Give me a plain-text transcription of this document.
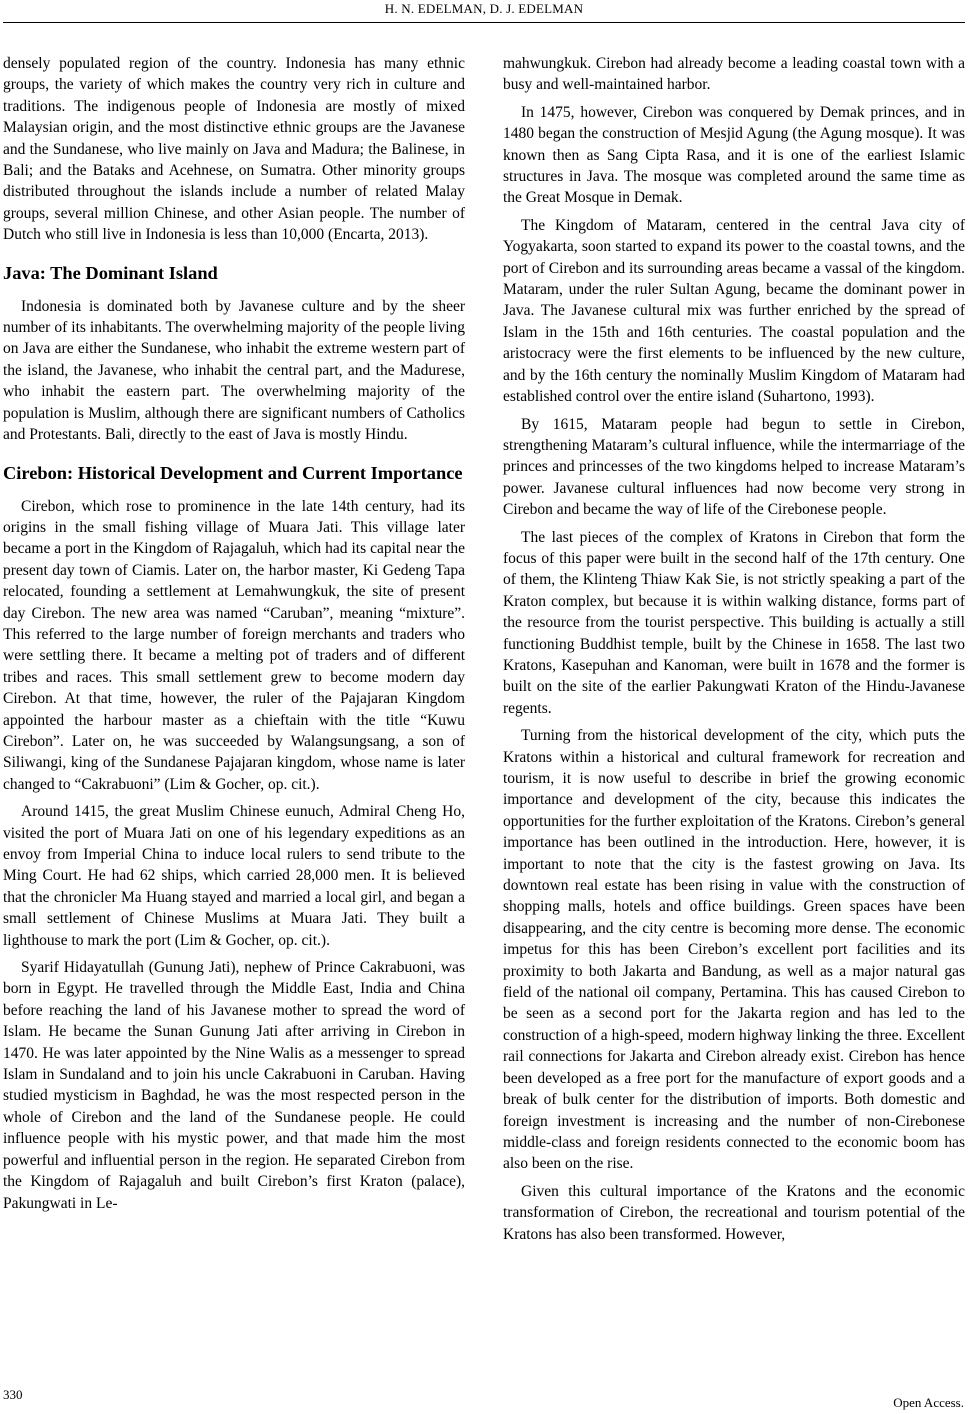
H. N. EDELMAN, D. J. EDELMAN

densely populated region of the country. Indonesia has many ethnic groups, the variety of which makes the country very rich in culture and traditions. The indigenous people of Indonesia are mostly of mixed Malaysian origin, and the most distinctive ethnic groups are the Javanese and the Sundanese, who live mainly on Java and Madura; the Balinese, in Bali; and the Bataks and Acehnese, on Sumatra. Other minority groups distributed throughout the islands include a number of related Malay groups, several million Chinese, and other Asian people. The number of Dutch who still live in Indonesia is less than 10,000 (Encarta, 2013).

Java: The Dominant Island

Indonesia is dominated both by Javanese culture and by the sheer number of its inhabitants. The overwhelming majority of the people living on Java are either the Sundanese, who inhabit the extreme western part of the island, the Javanese, who inhabit the central part, and the Madurese, who inhabit the eastern part. The overwhelming majority of the population is Muslim, although there are significant numbers of Catholics and Protestants. Bali, directly to the east of Java is mostly Hindu.

Cirebon: Historical Development and Current Importance

Cirebon, which rose to prominence in the late 14th century, had its origins in the small fishing village of Muara Jati. This village later became a port in the Kingdom of Rajagaluh, which had its capital near the present day town of Ciamis. Later on, the harbor master, Ki Gedeng Tapa relocated, founding a settlement at Lemahwungkuk, the site of present day Cirebon. The new area was named “Caruban”, meaning “mixture”. This referred to the large number of foreign merchants and traders who were settling there. It became a melting pot of traders and of different tribes and races. This small settlement grew to become modern day Cirebon. At that time, however, the ruler of the Pajajaran Kingdom appointed the harbour master as a chieftain with the title “Kuwu Cirebon”. Later on, he was succeeded by Walangsungsang, a son of Siliwangi, king of the Sundanese Pajajaran kingdom, whose name is later changed to “Cakrabuoni” (Lim & Gocher, op. cit.).

Around 1415, the great Muslim Chinese eunuch, Admiral Cheng Ho, visited the port of Muara Jati on one of his legendary expeditions as an envoy from Imperial China to induce local rulers to send tribute to the Ming Court. He had 62 ships, which carried 28,000 men. It is believed that the chronicler Ma Huang stayed and married a local girl, and began a small settlement of Chinese Muslims at Muara Jati. They built a lighthouse to mark the port (Lim & Gocher, op. cit.).

Syarif Hidayatullah (Gunung Jati), nephew of Prince Cakrabuoni, was born in Egypt. He travelled through the Middle East, India and China before reaching the land of his Javanese mother to spread the word of Islam. He became the Sunan Gunung Jati after arriving in Cirebon in 1470. He was later appointed by the Nine Walis as a messenger to spread Islam in Sundaland and to join his uncle Cakrabuoni in Caruban. Having studied mysticism in Baghdad, he was the most respected person in the whole of Cirebon and the land of the Sundanese people. He could influence people with his mystic power, and that made him the most powerful and influential person in the region. He separated Cirebon from the Kingdom of Rajagaluh and built Cirebon’s first Kraton (palace), Pakungwati in Le-

mahwungkuk. Cirebon had already become a leading coastal town with a busy and well-maintained harbor.

In 1475, however, Cirebon was conquered by Demak princes, and in 1480 began the construction of Mesjid Agung (the Agung mosque). It was known then as Sang Cipta Rasa, and it is one of the earliest Islamic structures in Java. The mosque was completed around the same time as the Great Mosque in Demak.

The Kingdom of Mataram, centered in the central Java city of Yogyakarta, soon started to expand its power to the coastal towns, and the port of Cirebon and its surrounding areas became a vassal of the kingdom. Mataram, under the ruler Sultan Agung, became the dominant power in Java. The Javanese cultural mix was further enriched by the spread of Islam in the 15th and 16th centuries. The coastal population and the aristocracy were the first elements to be influenced by the new culture, and by the 16th century the nominally Muslim Kingdom of Mataram had established control over the entire island (Suhartono, 1993).

By 1615, Mataram people had begun to settle in Cirebon, strengthening Mataram’s cultural influence, while the intermarriage of the princes and princesses of the two kingdoms helped to increase Mataram’s power. Javanese cultural influences had now become very strong in Cirebon and became the way of life of the Cirebonese people.

The last pieces of the complex of Kratons in Cirebon that form the focus of this paper were built in the second half of the 17th century. One of them, the Klinteng Thiaw Kak Sie, is not strictly speaking a part of the Kraton complex, but because it is within walking distance, forms part of the resource from the tourist perspective. This building is actually a still functioning Buddhist temple, built by the Chinese in 1658. The last two Kratons, Kasepuhan and Kanoman, were built in 1678 and the former is built on the site of the earlier Pakungwati Kraton of the Hindu-Javanese regents.

Turning from the historical development of the city, which puts the Kratons within a historical and cultural framework for recreation and tourism, it is now useful to describe in brief the growing economic importance and development of the city, because this indicates the opportunities for the further exploitation of the Kratons. Cirebon’s general importance has been outlined in the introduction. Here, however, it is important to note that the city is the fastest growing on Java. Its downtown real estate has been rising in value with the construction of shopping malls, hotels and office buildings. Green spaces have been disappearing, and the city centre is becoming more dense. The economic impetus for this has been Cirebon’s excellent port facilities and its proximity to both Jakarta and Bandung, as well as a major natural gas field of the national oil company, Pertamina. This has caused Cirebon to be seen as a second port for the Jakarta region and has led to the construction of a high-speed, modern highway linking the three. Excellent rail connections for Jakarta and Cirebon already exist. Cirebon has hence been developed as a free port for the manufacture of export goods and a break of bulk center for the distribution of imports. Both domestic and foreign investment is increasing and the number of non-Cirebonese middle-class and foreign residents connected to the economic boom has also been on the rise.

Given this cultural importance of the Kratons and the economic transformation of Cirebon, the recreational and tourism potential of the Kratons has also been transformed. However,

330
Open Access.
